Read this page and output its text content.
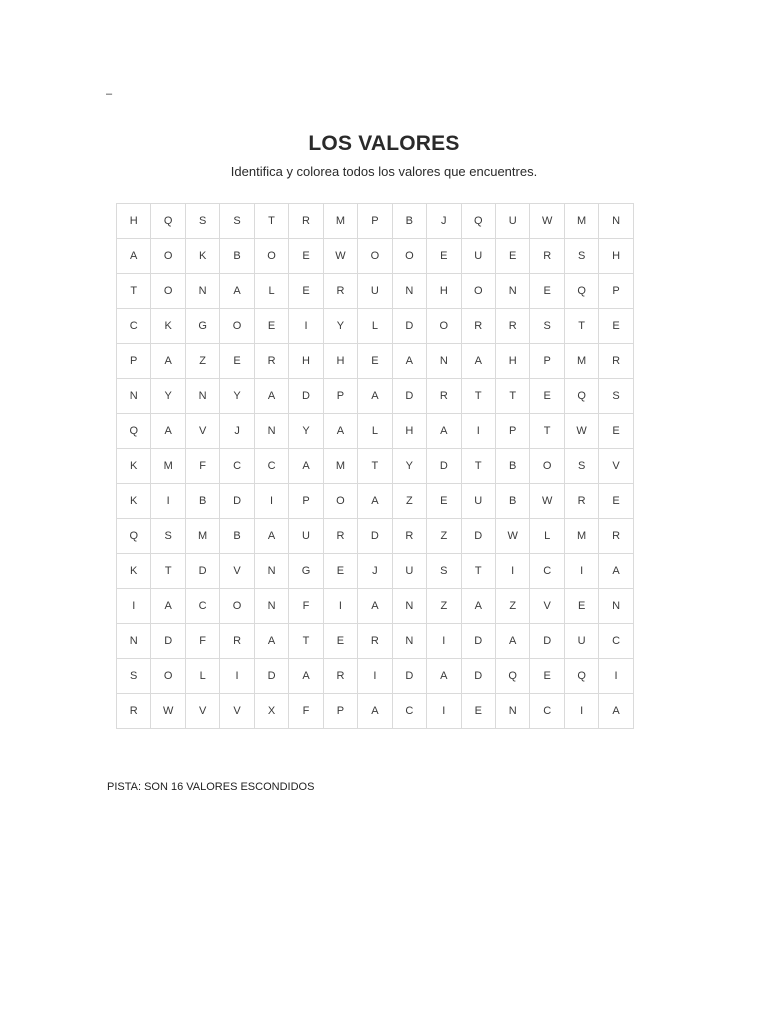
–
LOS VALORES
Identifica y colorea todos los valores que encuentres.
H	Q	S	S	T	R	M	P	B	J	Q	U	W	M	N
A	O	K	B	O	E	W	O	O	E	U	E	R	S	H
T	O	N	A	L	E	R	U	N	H	O	N	E	Q	P
C	K	G	O	E	I	Y	L	D	O	R	R	S	T	E
P	A	Z	E	R	H	H	E	A	N	A	H	P	M	R
N	Y	N	Y	A	D	P	A	D	R	T	T	E	Q	S
Q	A	V	J	N	Y	A	L	H	A	I	P	T	W	E
K	M	F	C	C	A	M	T	Y	D	T	B	O	S	V
K	I	B	D	I	P	O	A	Z	E	U	B	W	R	E
Q	S	M	B	A	U	R	D	R	Z	D	W	L	M	R
K	T	D	V	N	G	E	J	U	S	T	I	C	I	A
I	A	C	O	N	F	I	A	N	Z	A	Z	V	E	N
N	D	F	R	A	T	E	R	N	I	D	A	D	U	C
S	O	L	I	D	A	R	I	D	A	D	Q	E	Q	I
R	W	V	V	X	F	P	A	C	I	E	N	C	I	A
PISTA: SON 16 VALORES ESCONDIDOS
